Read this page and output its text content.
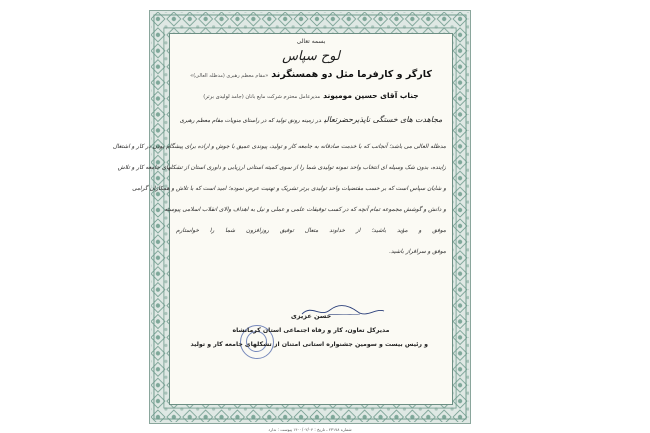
بسمه تعالی
لوح سپاس
کارگر و کارفرما مثل دو همسنگرند«مقام معظم رهبری (مدظله العالی)»
جناب آقای حسین موميوندمديرعامل محترم شرکت مايع بانان (جامد لوليدی برتر)
مجاهدت های خستگی ناپذیرحضرتعالیدر زمینه رونق تولید که در راستای منویات مقام معظم رهبری
مدظله العالی می باشد؛ آنجانب که با خدمت صادقانه به جامعه کار و تولید، پیوندی عمیق با جوش و اراده برای پیشگام بودن در کار و اشتغال
زاینده، بدون شک وسیله ای انتخاب واحد نمونه تولیدی شما را از سوی کمیته استانی ارزیابی و داوری استان از تشکلهای جامعه کار و تلاش
و شایان سپاس است که بر حسب مقتضیات واحد تولیدی برتر تشریک و تهنیت عرض نموده؛ امید است که با تلاش و همکاران گرامی
و دانش و گوشش مجموعه تمام آنچه که در کسب توفیقات علمی و عملی و نیل به اهداف والای انقلاب اسلامی پیوسته
موفق و مؤید باشید؛ از خداوند متعال توفیق روزافزون شما را خواستارم
موفق و سرافراز باشید.
حسن عزیزی
مدیرکل تعاون، کار و رفاه اجتماعی استان کرمانشاه
و رئیس بیست و سومین جشنواره استانی امتنان از تشکلهای جامعه کار و تولید
شماره ۲۳۱۷۸ ـ تاریخ : ۱۴۰۰/۰۲/۰۴ پیوست : ندارد
